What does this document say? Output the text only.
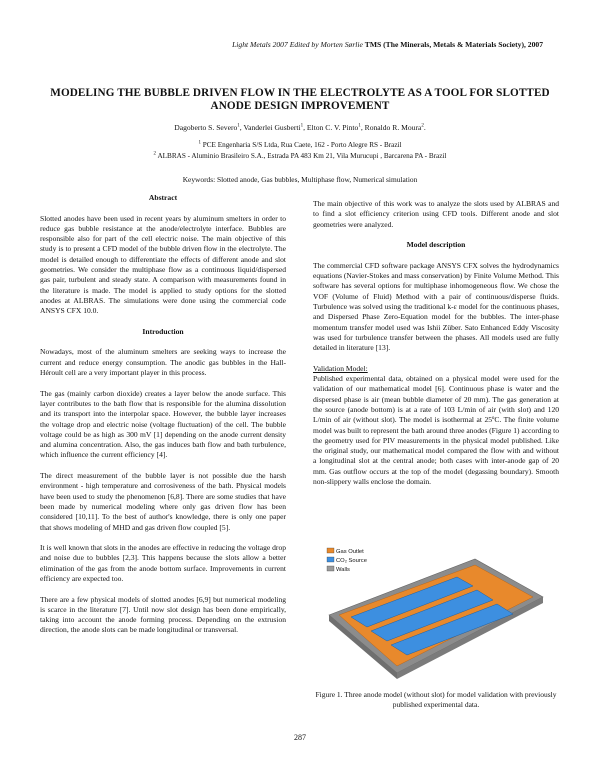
Light Metals 2007 Edited by Morten Sørlie TMS (The Minerals, Metals & Materials Society), 2007
MODELING THE BUBBLE DRIVEN FLOW IN THE ELECTROLYTE AS A TOOL FOR SLOTTED
ANODE DESIGN IMPROVEMENT
Dagoberto S. Severo$^1$, Vanderlei Gusberti$^1$, Elton C. V. Pinto$^1$, Ronaldo R. Moura$^2$.
$^1$ PCE Engenharia S/S Ltda, Rua Caete, 162 - Porto Alegre RS - Brazil
$^2$ ALBRAS - Aluminio Brasileiro S.A., Estrada PA 483 Km 21, Vila Murucupi , Barcarena PA - Brazil
Keywords: Slotted anode, Gas bubbles, Multiphase flow, Numerical simulation
Abstract

Slotted anodes have been used in recent years by aluminum smelters in order to reduce gas bubble resistance at the anode/electrolyte interface. Bubbles are responsible also for part of the cell electric noise. The main objective of this study is to present a CFD model of the bubble driven flow in the electrolyte. The model is detailed enough to differentiate the effects of different anode and slot geometries. We consider the multiphase flow as a continuous liquid/dispersed gas pair, turbulent and steady state. A comparison with measurements found in the literature is made. The model is applied to study options for the slotted anodes at ALBRAS. The simulations were done using the commercial code ANSYS CFX 10.0.

Introduction

Nowadays, most of the aluminum smelters are seeking ways to increase the current and reduce energy consumption. The anodic gas bubbles in the Hall-Héroult cell are a very important player in this process.

The gas (mainly carbon dioxide) creates a layer below the anode surface. This layer contributes to the bath flow that is responsible for the alumina dissolution and its transport into the interpolar space. However, the bubble layer increases the voltage drop and electric noise (voltage fluctuation) of the cell. The bubble voltage could be as high as 300 mV [1] depending on the anode current density and alumina concentration. Also, the gas induces bath flow and bath turbulence, which influence the current efficiency [4].

The direct measurement of the bubble layer is not possible due the harsh environment - high temperature and corrosiveness of the bath. Physical models have been used to study the phenomenon [6,8]. There are some studies that have been made by numerical modeling where only gas driven flow has been considered [10,11]. To the best of author's knowledge, there is only one paper that shows modeling of MHD and gas driven flow coupled [5].

It is well known that slots in the anodes are effective in reducing the voltage drop and noise due to bubbles [2,3]. This happens because the slots allow a better elimination of the gas from the anode bottom surface. Improvements in current efficiency are expected too.

There are a few physical models of slotted anodes [6,9] but numerical modeling is scarce in the literature [7]. Until now slot design has been done empirically, taking into account the anode forming process. Depending on the extrusion direction, the anode slots can be made longitudinal or transversal.

The main objective of this work was to analyze the slots used by ALBRAS and to find a slot efficiency criterion using CFD tools. Different anode and slot geometries were analyzed.

Model description

The commercial CFD software package ANSYS CFX solves the hydrodynamics equations (Navier-Stokes and mass conservation) by Finite Volume Method. This software has several options for multiphase inhomogeneous flow. We chose the VOF (Volume of Fluid) Method with a pair of continuous/disperse fluids. Turbulence was solved using the traditional k-ε model for the continuous phases, and Dispersed Phase Zero-Equation model for the bubbles. The inter-phase momentum transfer model used was Ishii Züber. Sato Enhanced Eddy Viscosity was used for turbulence transfer between the phases. All models used are fully detailed in literature [13].

Validation Model:

Published experimental data, obtained on a physical model were used for the validation of our mathematical model [6]. Continuous phase is water and the dispersed phase is air (mean bubble diameter of 20 mm). The gas generation at the source (anode bottom) is at a rate of 103 L/min of air (with slot) and 120 L/min of air (without slot). The model is isothermal at 25ºC. The finite volume model was built to represent the bath around three anodes (Figure 1) according to the geometry used for PIV measurements in the physical model published. Like the original study, our mathematical model compared the flow with and without a longitudinal slot at the central anode; both cases with inter-anode gap of 20 mm. Gas outflow occurs at the top of the model (degassing boundary). Smooth non-slippery walls enclose the domain.

Gas Outlet
CO₂ Source
Walls
Figure 1. Three anode model (without slot) for model validation with previously published experimental data.
287
